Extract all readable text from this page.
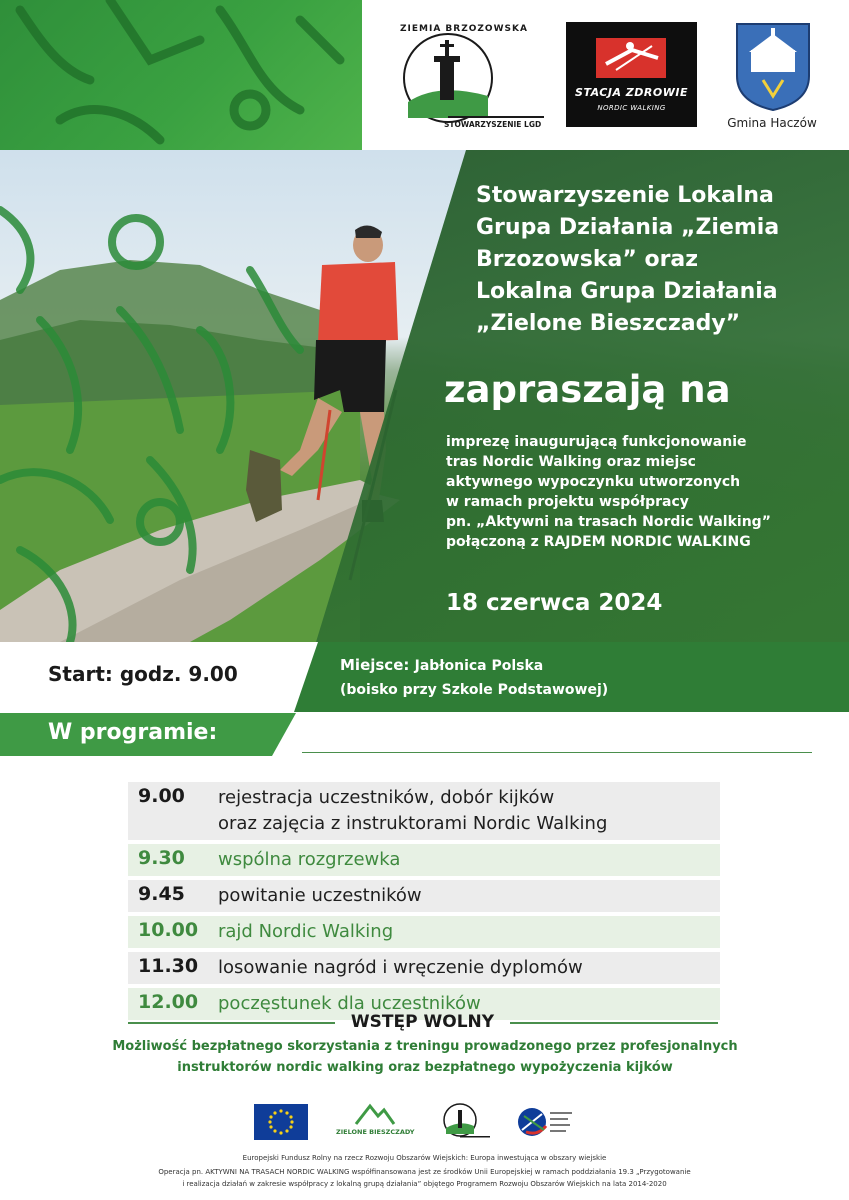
ZIEMIA BRZOZOWSKA
STOWARZYSZENIE LGD
STACJA ZDROWIE
NORDIC WALKING
Gmina Haczów
Stowarzyszenie Lokalna
Grupa Działania „Ziemia
Brzozowska” oraz
Lokalna Grupa Działania
„Zielone Bieszczady”
zapraszają na
imprezę inaugurującą funkcjonowanie
tras Nordic Walking oraz miejsc
aktywnego wypoczynku utworzonych
w ramach projektu współpracy
pn. „Aktywni na trasach Nordic Walking”
połączoną z RAJDEM NORDIC WALKING
18 czerwca 2024
Start: godz. 9.00	Miejsce: Jabłonica Polska
(boisko przy Szkole Podstawowej)
W programie:
9.00	rejestracja uczestników, dobór kijków
oraz zajęcia z instruktorami Nordic Walking
9.30	wspólna rozgrzewka
9.45	powitanie uczestników
10.00	rajd Nordic Walking
11.30	losowanie nagród i wręczenie dyplomów
12.00	poczęstunek dla uczestników
WSTĘP WOLNY
Możliwość bezpłatnego skorzystania z treningu prowadzonego przez profesjonalnych
instruktorów nordic walking oraz bezpłatnego wypożyczenia kijków
ZIELONE BIESZCZADY
Europejski Fundusz Rolny na rzecz Rozwoju Obszarów Wiejskich: Europa inwestująca w obszary wiejskie
Operacja pn. AKTYWNI NA TRASACH NORDIC WALKING współfinansowana jest ze środków Unii Europejskiej w ramach poddziałania 19.3 „Przygotowanie
i realizacja działań w zakresie współpracy z lokalną grupą działania” objętego Programem Rozwoju Obszarów Wiejskich na lata 2014-2020
